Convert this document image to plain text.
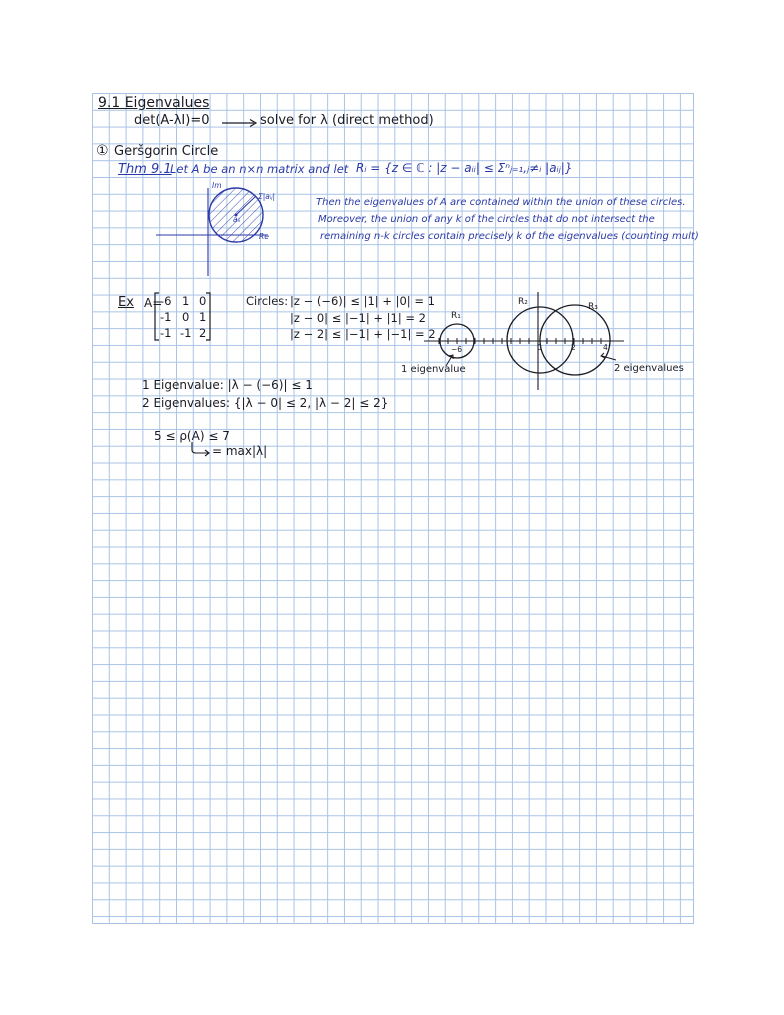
9.1 Eigenvalues
det(A-λI)=0	solve for λ (direct method)
① Geršgorin Circle
Thm 9.1
Let A be an n×n matrix and let Rᵢ = {z ∈ ℂ : |z − aᵢᵢ| ≤ Σⁿⱼ₌₁,ⱼ≠ᵢ |aᵢⱼ|}
Im
Re
Σ|aᵢⱼ|
aᵢᵢ
Then the eigenvalues of A are contained within the union of these circles.
Moreover, the union of any k of the circles that do not intersect the
remaining n-k circles contain precisely k of the eigenvalues (counting mult)
Ex A=
-6 1 0
-1 0 1
-1 -1 2
Circles: |z − (−6)| ≤ |1| + |0| = 1
|z − 0| ≤ |−1| + |1| = 2
|z − 2| ≤ |−1| + |−1| = 2
R₁
R₂	R₃
−6	0	2	4
1 eigenvalue	2 eigenvalues
1 Eigenvalue: |λ − (−6)| ≤ 1
2 Eigenvalues: {|λ − 0| ≤ 2, |λ − 2| ≤ 2}
5 ≤ ρ(A) ≤ 7
= max|λ|
